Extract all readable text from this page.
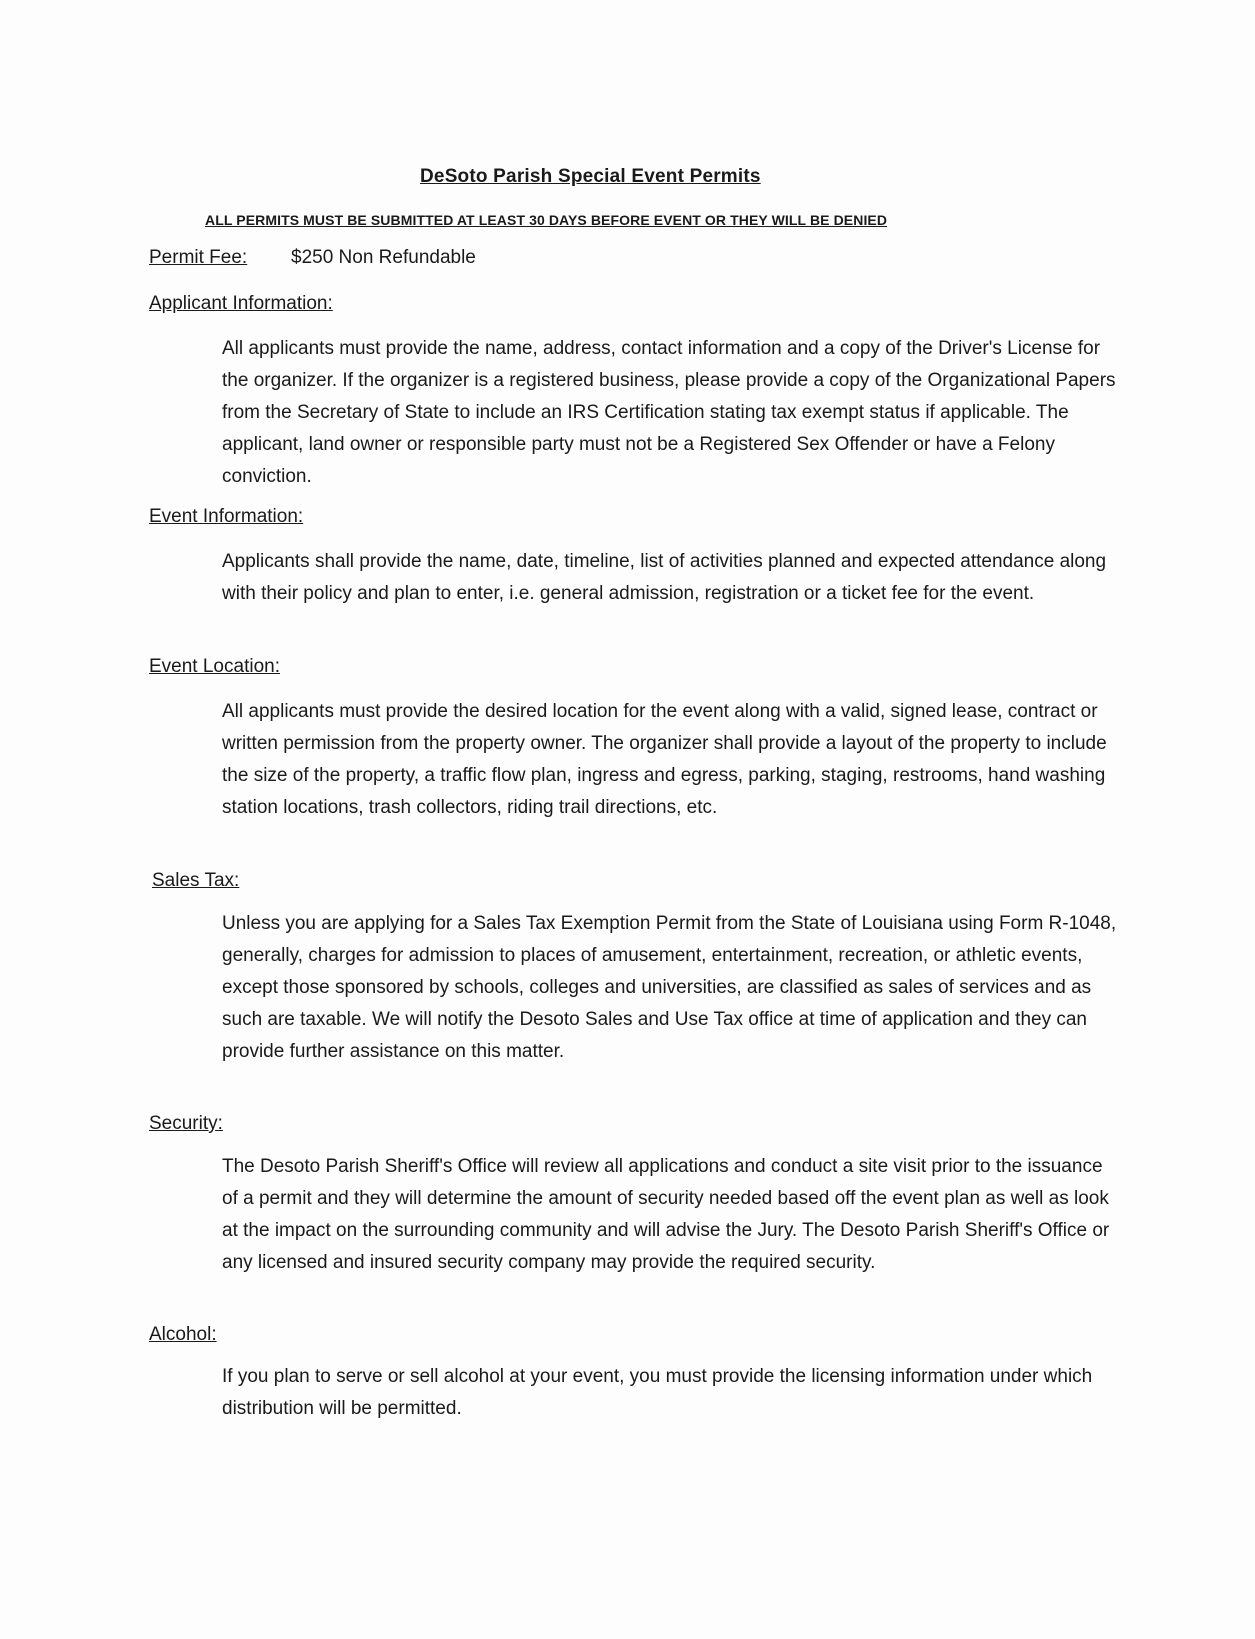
DeSoto Parish Special Event Permits
ALL PERMITS MUST BE SUBMITTED AT LEAST 30 DAYS BEFORE EVENT OR THEY WILL BE DENIED
Permit Fee: $250 Non Refundable
Applicant Information:
All applicants must provide the name, address, contact information and a copy of the Driver's License for the organizer. If the organizer is a registered business, please provide a copy of the Organizational Papers from the Secretary of State to include an IRS Certification stating tax exempt status if applicable. The applicant, land owner or responsible party must not be a Registered Sex Offender or have a Felony conviction.
Event Information:
Applicants shall provide the name, date, timeline, list of activities planned and expected attendance along with their policy and plan to enter, i.e. general admission, registration or a ticket fee for the event.
Event Location:
All applicants must provide the desired location for the event along with a valid, signed lease, contract or written permission from the property owner. The organizer shall provide a layout of the property to include the size of the property, a traffic flow plan, ingress and egress, parking, staging, restrooms, hand washing station locations, trash collectors, riding trail directions, etc.
Sales Tax:
Unless you are applying for a Sales Tax Exemption Permit from the State of Louisiana using Form R-1048, generally, charges for admission to places of amusement, entertainment, recreation, or athletic events, except those sponsored by schools, colleges and universities, are classified as sales of services and as such are taxable. We will notify the Desoto Sales and Use Tax office at time of application and they can provide further assistance on this matter.
Security:
The Desoto Parish Sheriff's Office will review all applications and conduct a site visit prior to the issuance of a permit and they will determine the amount of security needed based off the event plan as well as look at the impact on the surrounding community and will advise the Jury. The Desoto Parish Sheriff's Office or any licensed and insured security company may provide the required security.
Alcohol:
If you plan to serve or sell alcohol at your event, you must provide the licensing information under which distribution will be permitted.
